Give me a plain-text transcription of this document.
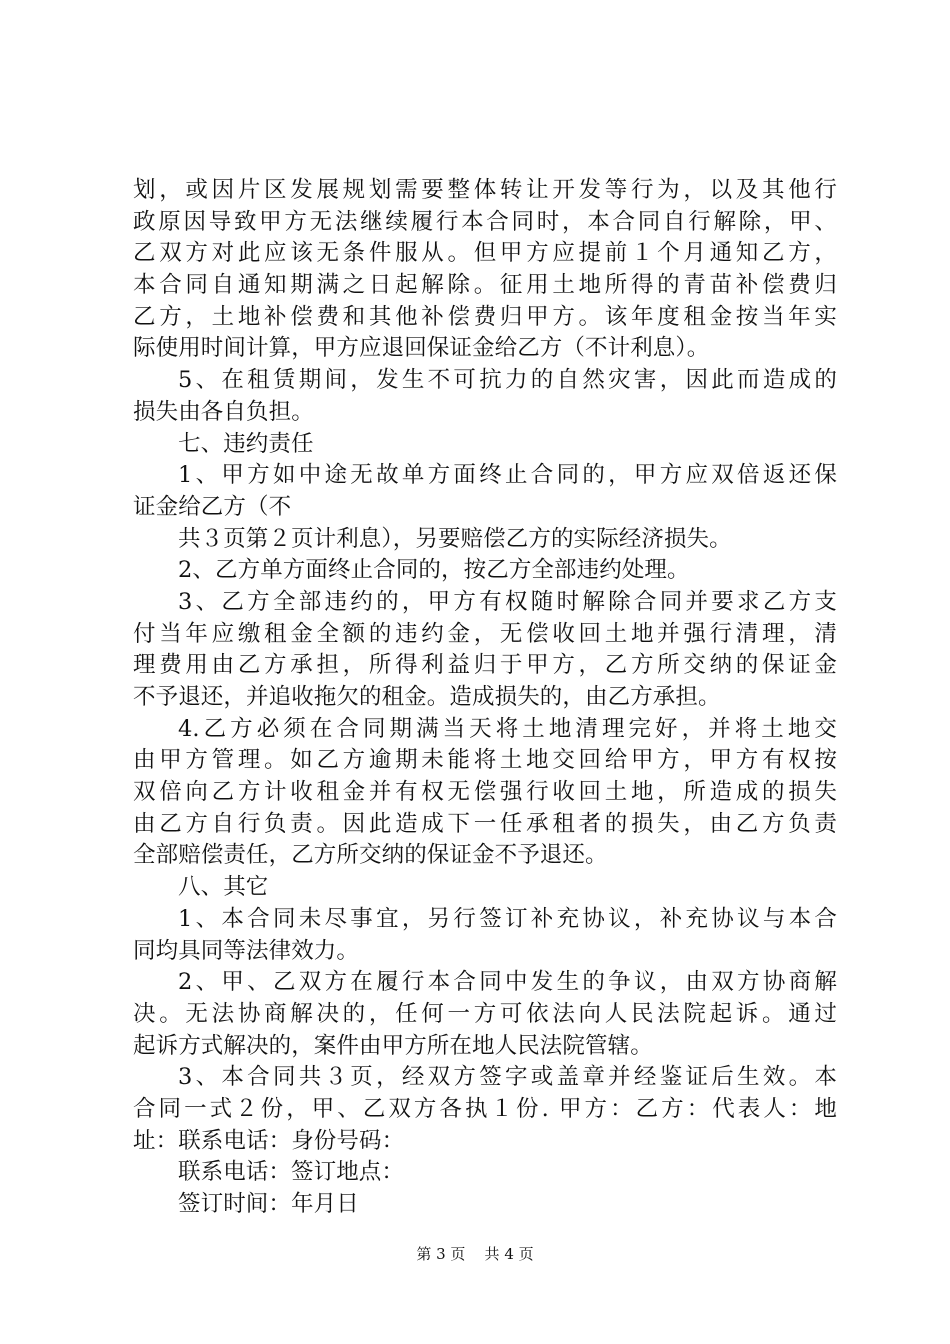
划，或因片区发展规划需要整体转让开发等行为，以及其他行
政原因导致甲方无法继续履行本合同时，本合同自行解除，甲、
乙双方对此应该无条件服从。但甲方应提前１个月通知乙方，
本合同自通知期满之日起解除。征用土地所得的青苗补偿费归
乙方，土地补偿费和其他补偿费归甲方。该年度租金按当年实
际使用时间计算，甲方应退回保证金给乙方（不计利息）。
5、在租赁期间，发生不可抗力的自然灾害，因此而造成的
损失由各自负担。
七、违约责任
1、甲方如中途无故单方面终止合同的，甲方应双倍返还保
证金给乙方（不
共３页第２页计利息），另要赔偿乙方的实际经济损失。
2、乙方单方面终止合同的，按乙方全部违约处理。
3、乙方全部违约的，甲方有权随时解除合同并要求乙方支
付当年应缴租金全额的违约金，无偿收回土地并强行清理，清
理费用由乙方承担，所得利益归于甲方，乙方所交纳的保证金
不予退还，并追收拖欠的租金。造成损失的，由乙方承担。
4.乙方必须在合同期满当天将土地清理完好，并将土地交
由甲方管理。如乙方逾期未能将土地交回给甲方，甲方有权按
双倍向乙方计收租金并有权无偿强行收回土地，所造成的损失
由乙方自行负责。因此造成下一任承租者的损失，由乙方负责
全部赔偿责任，乙方所交纳的保证金不予退还。
八、其它
1、本合同未尽事宜，另行签订补充协议，补充协议与本合
同均具同等法律效力。
2、甲、乙双方在履行本合同中发生的争议，由双方协商解
决。无法协商解决的，任何一方可依法向人民法院起诉。通过
起诉方式解决的，案件由甲方所在地人民法院管辖。
3、本合同共３页，经双方签字或盖章并经鉴证后生效。本
合同一式２份，甲、乙双方各执１份. 甲方：乙方：代表人：地
址：联系电话：身份号码：
联系电话：签订地点：
签订时间：年月日
第 3 页 共 4 页
